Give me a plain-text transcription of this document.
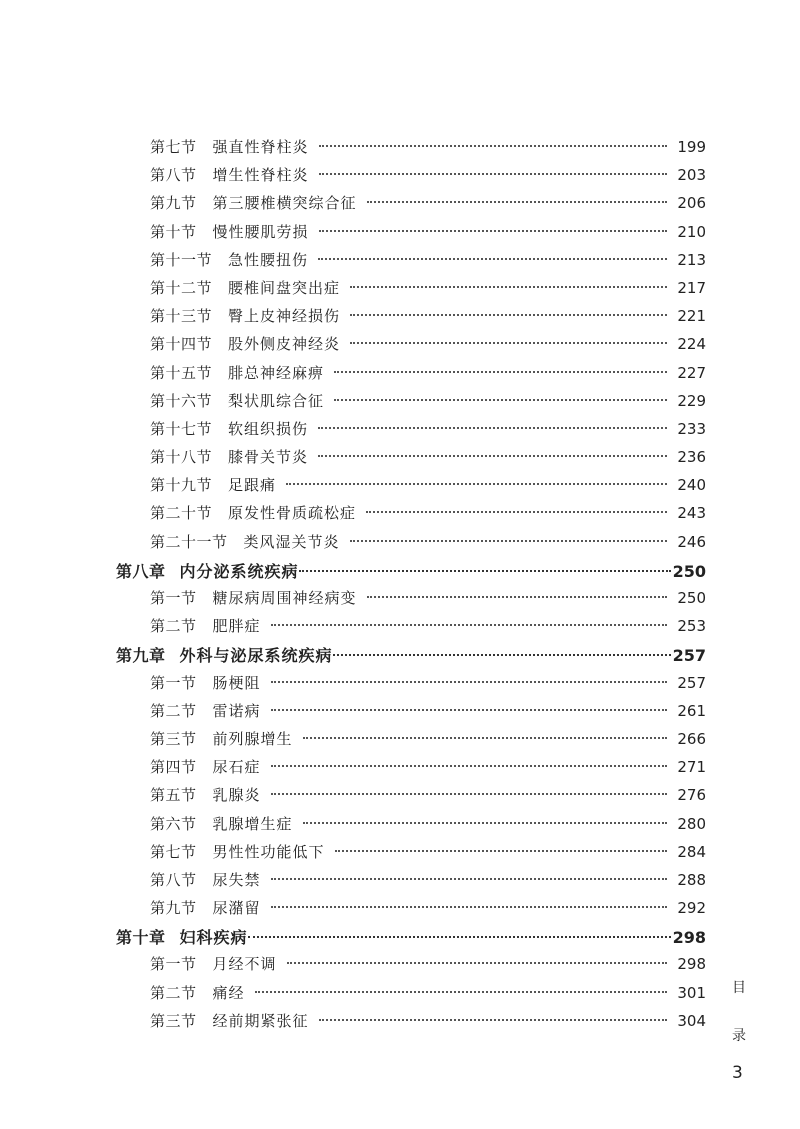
第七节 强直性脊柱炎	199
第八节 增生性脊柱炎	203
第九节 第三腰椎横突综合征	206
第十节 慢性腰肌劳损	210
第十一节 急性腰扭伤	213
第十二节 腰椎间盘突出症	217
第十三节 臀上皮神经损伤	221
第十四节 股外侧皮神经炎	224
第十五节 腓总神经麻痹	227
第十六节 梨状肌综合征	229
第十七节 软组织损伤	233
第十八节 膝骨关节炎	236
第十九节 足跟痛	240
第二十节 原发性骨质疏松症	243
第二十一节 类风湿关节炎	246
第八章 内分泌系统疾病	250
第一节 糖尿病周围神经病变	250
第二节 肥胖症	253
第九章 外科与泌尿系统疾病	257
第一节 肠梗阻	257
第二节 雷诺病	261
第三节 前列腺增生	266
第四节 尿石症	271
第五节 乳腺炎	276
第六节 乳腺增生症	280
第七节 男性性功能低下	284
第八节 尿失禁	288
第九节 尿潴留	292
第十章 妇科疾病	298
第一节 月经不调	298
第二节 痛经	301
第三节 经前期紧张征	304
目
录
3
